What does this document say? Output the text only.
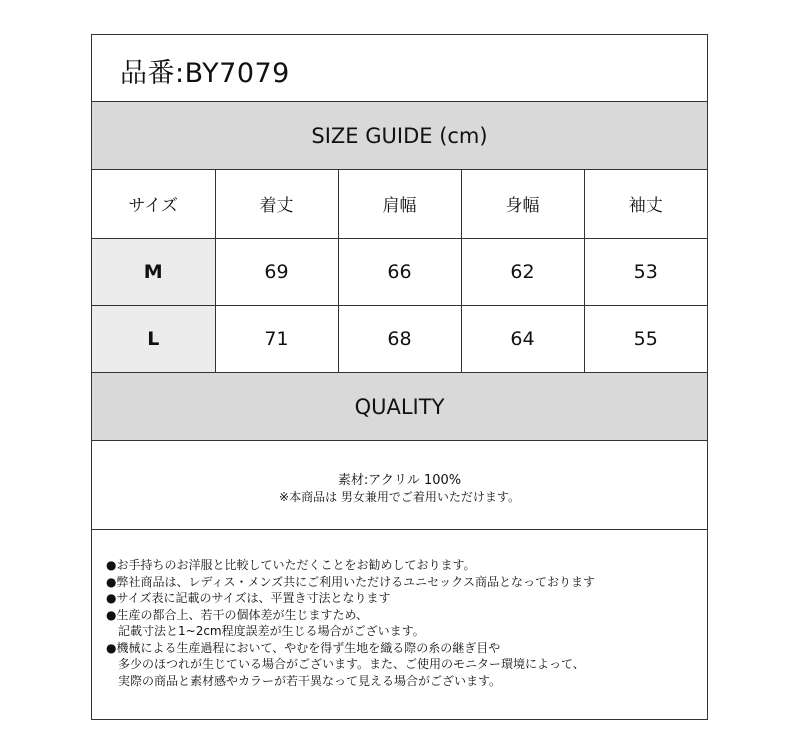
品番:BY7079
SIZE GUIDE (cm)
サイズ	着丈	肩幅	身幅	袖丈
M	69	66	62	53
L	71	68	64	55
QUALITY
素材:アクリル 100%
※本商品は 男女兼用でご着用いただけます。
●お手持ちのお洋服と比較していただくことをお勧めしております。
●弊社商品は、レディス・メンズ共にご利用いただけるユニセックス商品となっております
●サイズ表に記載のサイズは、平置き寸法となります
●生産の都合上、若干の個体差が生じますため、
記載寸法と1~2cm程度誤差が生じる場合がございます。
●機械による生産過程において、やむを得ず生地を織る際の糸の継ぎ目や
多少のほつれが生じている場合がございます。また、ご使用のモニター環境によって、
実際の商品と素材感やカラーが若干異なって見える場合がございます。
